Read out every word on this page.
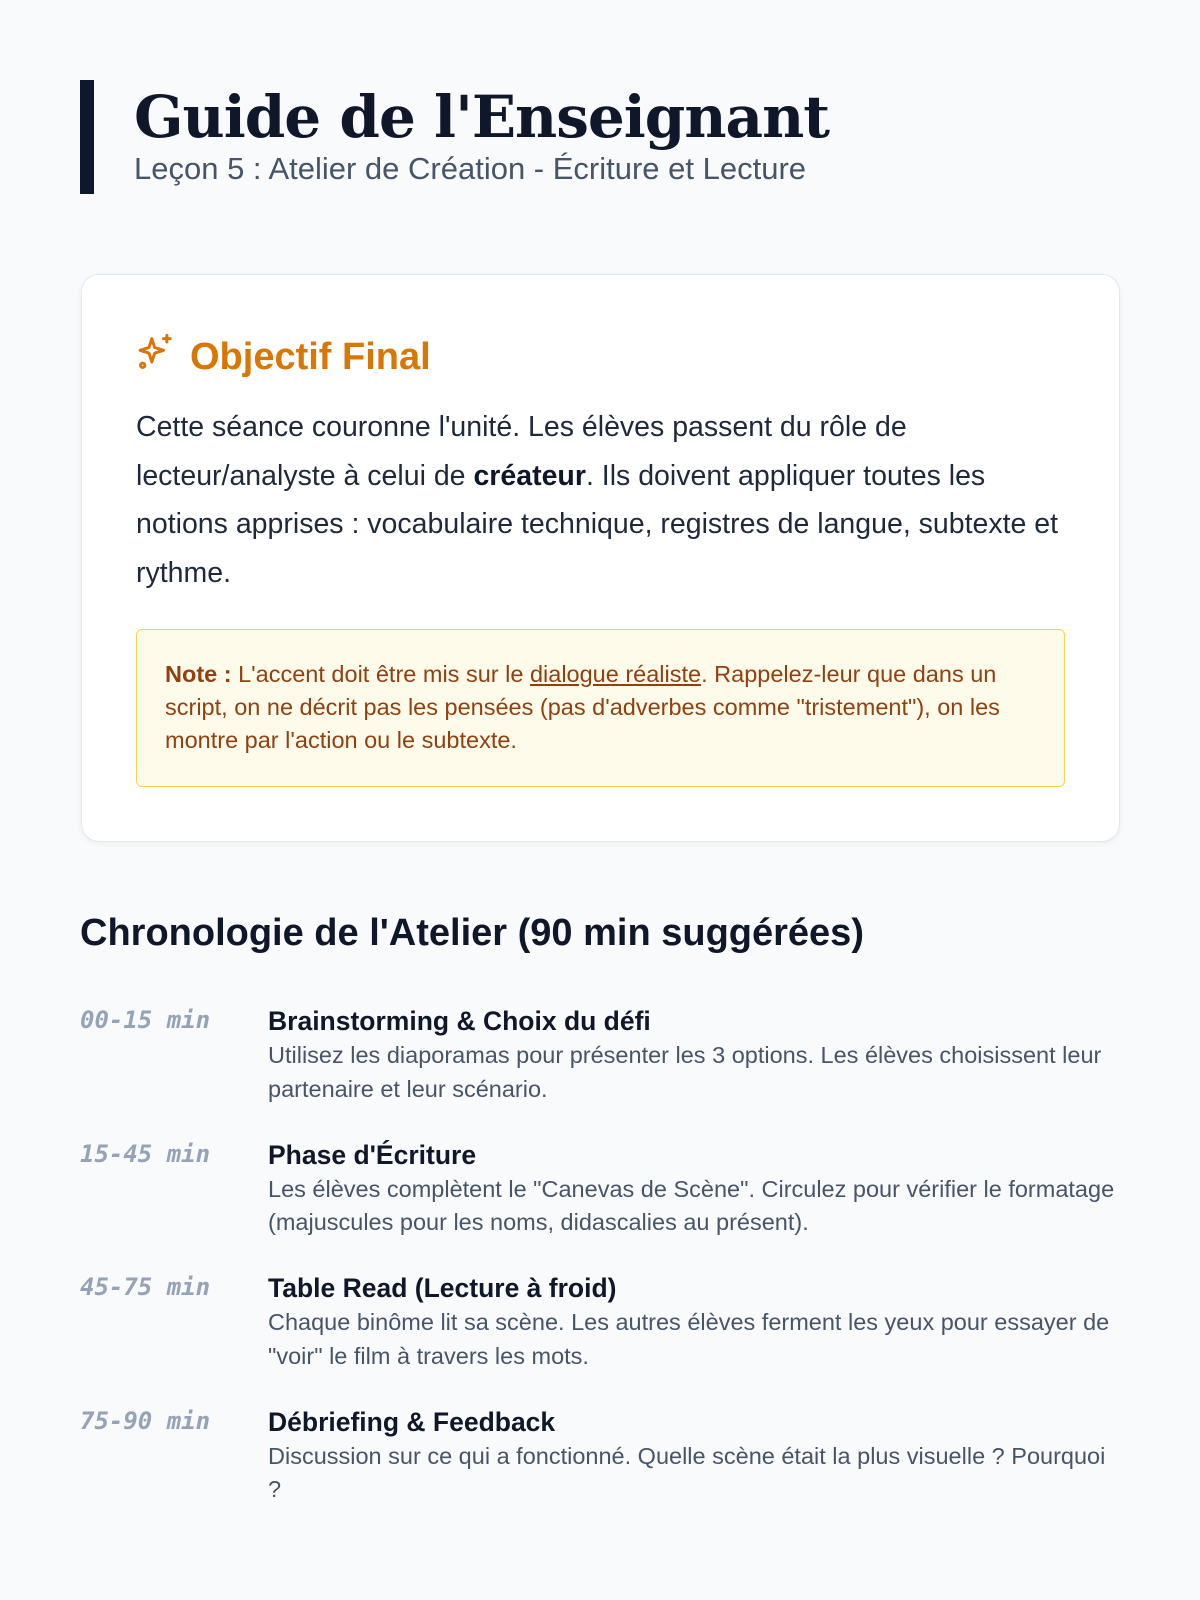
Guide de l'Enseignant
Leçon 5 : Atelier de Création - Écriture et Lecture
Objectif Final

Cette séance couronne l'unité. Les élèves passent du rôle de lecteur/analyste à celui de créateur. Ils doivent appliquer toutes les notions apprises : vocabulaire technique, registres de langue, subtexte et rythme.

Note : L'accent doit être mis sur le dialogue réaliste. Rappelez-leur que dans un script, on ne décrit pas les pensées (pas d'adverbes comme "tristement"), on les montre par l'action ou le subtexte.
Chronologie de l'Atelier (90 min suggérées)
00-15 min	Brainstorming & Choix du défi
Utilisez les diaporamas pour présenter les 3 options. Les élèves choisissent leur partenaire et leur scénario.
15-45 min	Phase d'Écriture
Les élèves complètent le "Canevas de Scène". Circulez pour vérifier le formatage (majuscules pour les noms, didascalies au présent).
45-75 min	Table Read (Lecture à froid)
Chaque binôme lit sa scène. Les autres élèves ferment les yeux pour essayer de "voir" le film à travers les mots.
75-90 min	Débriefing & Feedback
Discussion sur ce qui a fonctionné. Quelle scène était la plus visuelle ? Pourquoi ?
